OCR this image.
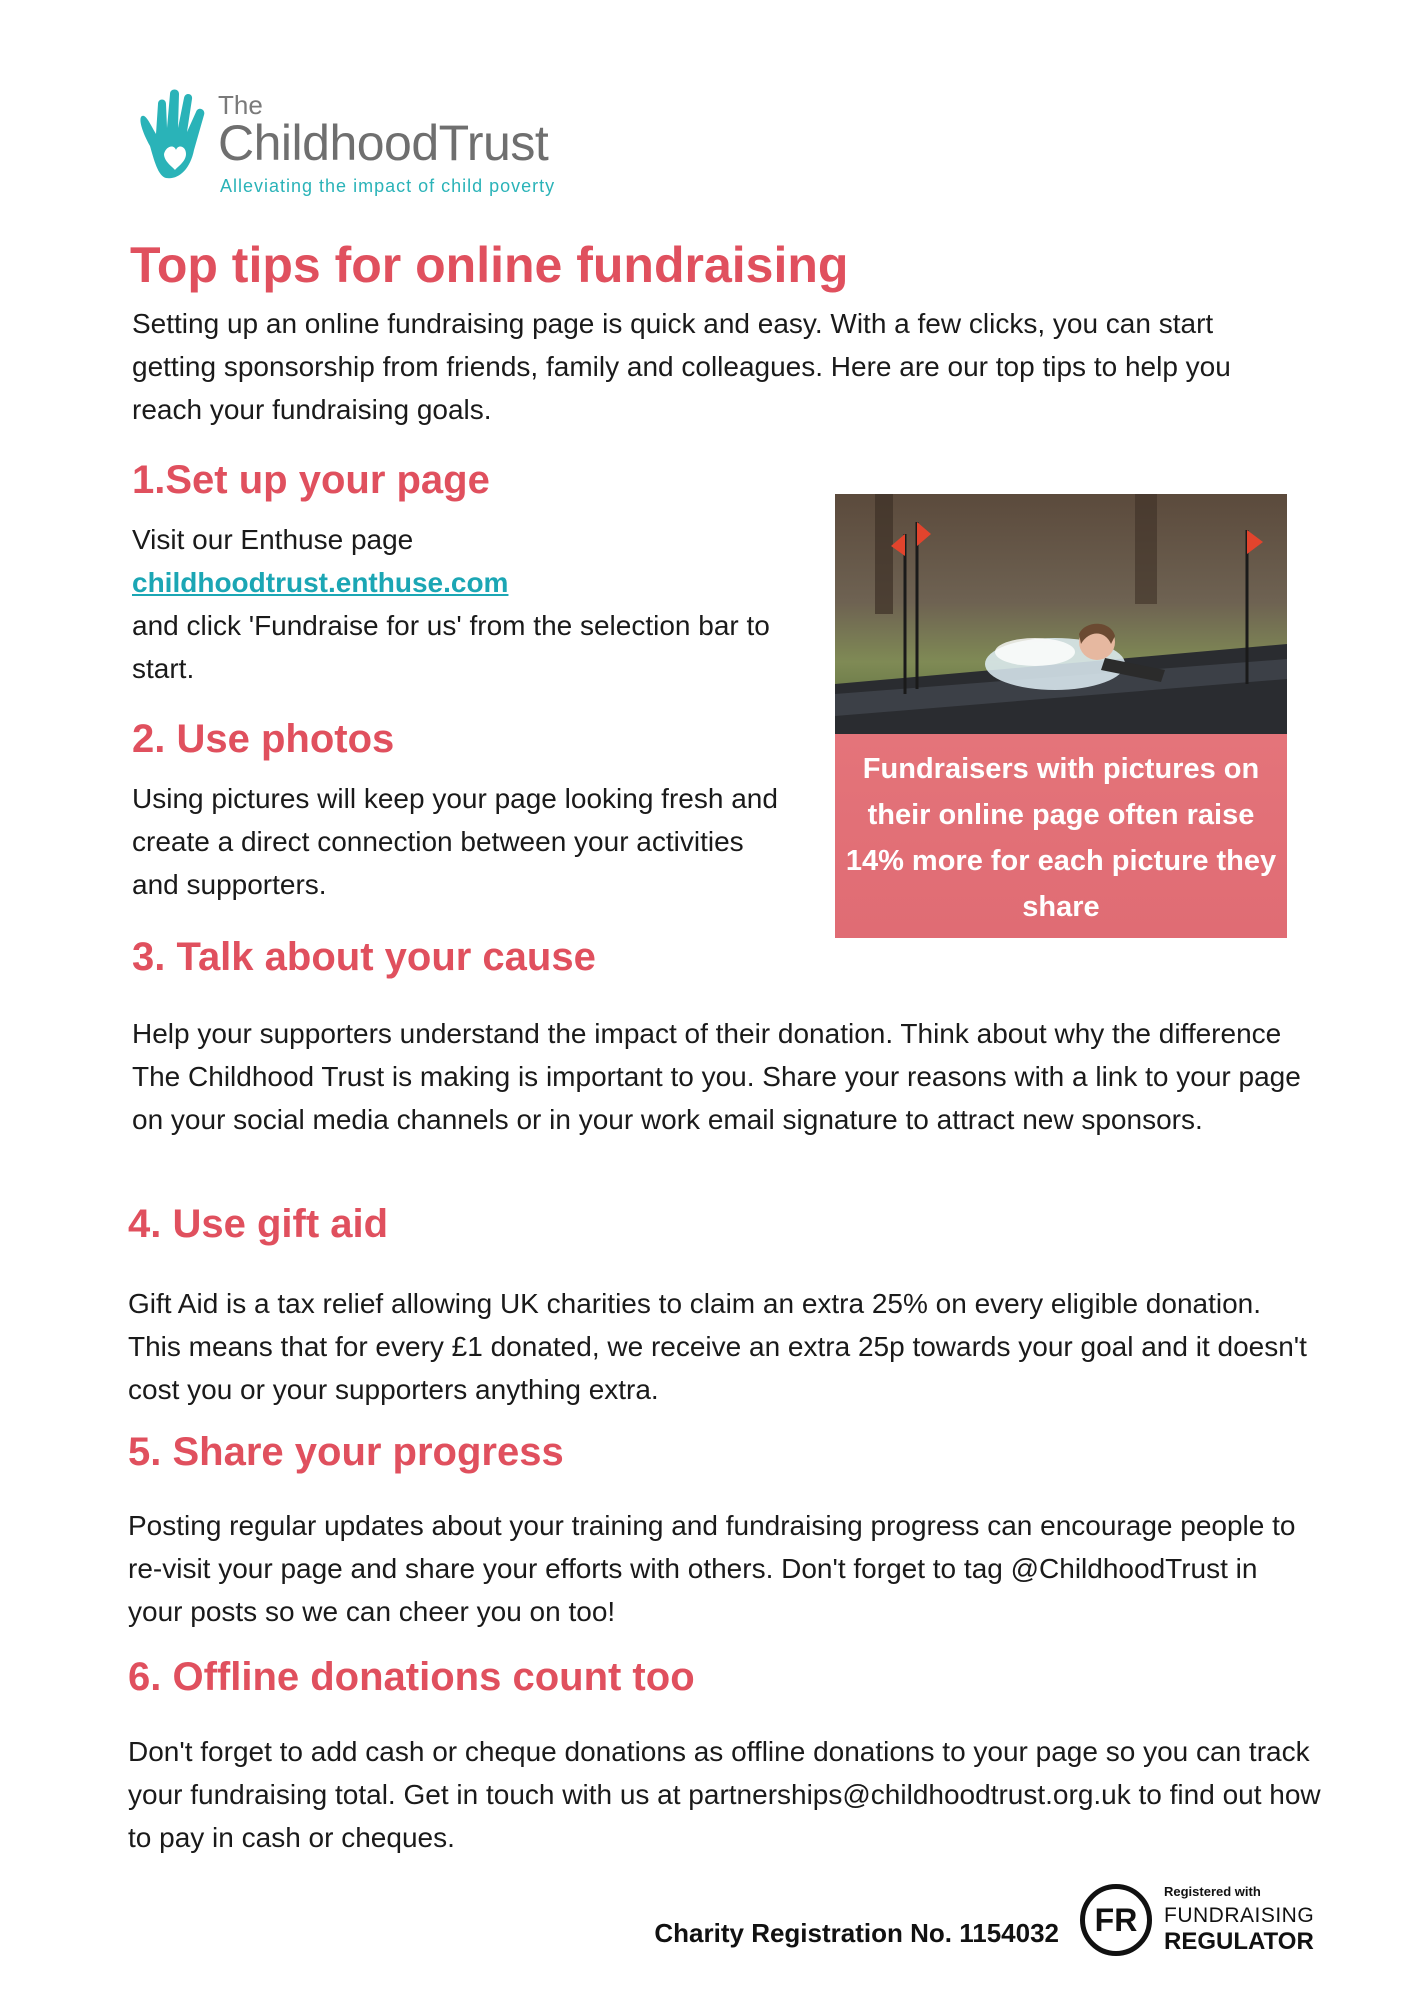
The
ChildhoodTrust
Alleviating the impact of child poverty
Top tips for online fundraising

Setting up an online fundraising page is quick and easy. With a few clicks, you can start getting sponsorship from friends, family and colleagues. Here are our top tips to help you reach your fundraising goals.

1.Set up your page
Visit our Enthuse page
childhoodtrust.enthuse.com
and click 'Fundraise for us' from the selection bar to start.
2. Use photos

Using pictures will keep your page looking fresh and create a direct connection between your activities and supporters.

Fundraisers with pictures on their online page often raise 14% more for each picture they share
3. Talk about your cause

Help your supporters understand the impact of their donation. Think about why the difference The Childhood Trust is making is important to you. Share your reasons with a link to your page on your social media channels or in your work email signature to attract new sponsors.

4. Use gift aid

Gift Aid is a tax relief allowing UK charities to claim an extra 25% on every eligible donation. This means that for every £1 donated, we receive an extra 25p towards your goal and it doesn't cost you or your supporters anything extra.

5. Share your progress

Posting regular updates about your training and fundraising progress can encourage people to re-visit your page and share your efforts with others. Don't forget to tag @ChildhoodTrust in your posts so we can cheer you on too!

6. Offline donations count too

Don't forget to add cash or cheque donations as offline donations to your page so you can track your fundraising total. Get in touch with us at partnerships@childhoodtrust.org.uk to find out how to pay in cash or cheques.

Charity Registration No. 1154032	FR
Registered with
FUNDRAISING
REGULATOR
